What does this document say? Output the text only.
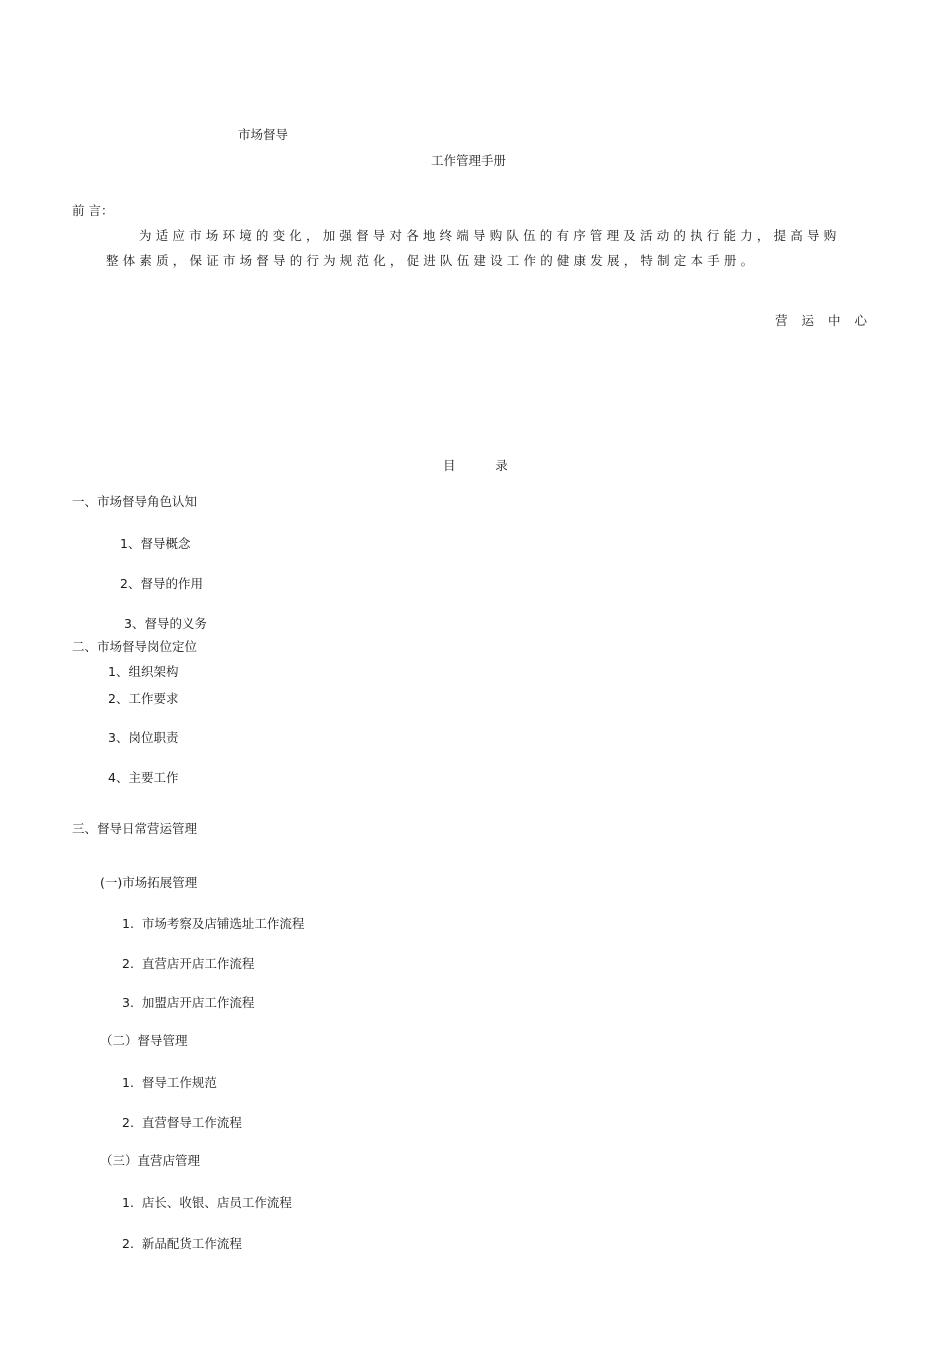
市场督导
工作管理手册
前 言：
为适应市场环境的变化，加强督导对各地终端导购队伍的有序管理及活动的执行能力，提高导购
整体素质，保证市场督导的行为规范化，促进队伍建设工作的健康发展，特制定本手册。
营 运 中 心
目          录
一、市场督导角色认知
1、督导概念
2、督导的作用
3、督导的义务
二、市场督导岗位定位
1、组织架构
2、工作要求
3、岗位职责
4、主要工作
三、督导日常营运管理
(一)市场拓展管理
1.  市场考察及店铺选址工作流程
2.  直营店开店工作流程
3.  加盟店开店工作流程
（二）督导管理
1.  督导工作规范
2.  直营督导工作流程
（三）直营店管理
1.  店长、收银、店员工作流程
2.  新品配货工作流程
